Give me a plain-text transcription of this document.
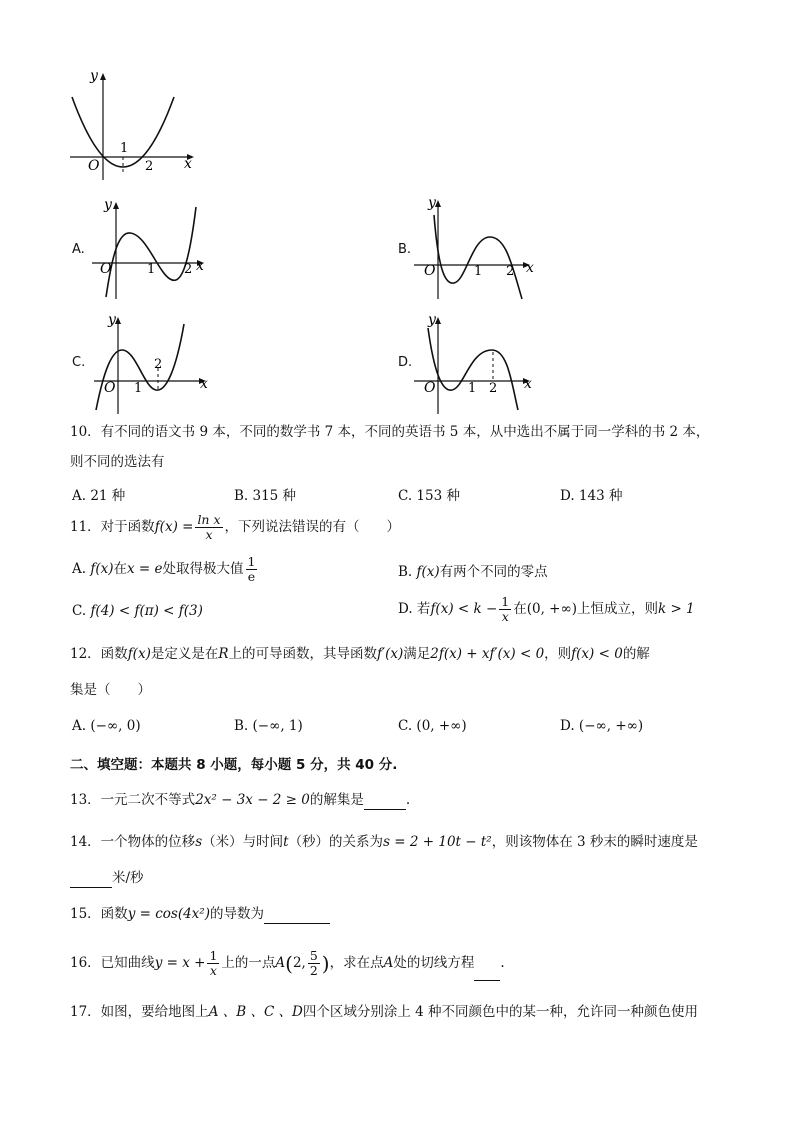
y
x
O
1
2
A.
y
x
O	1 2
B.
y
x
O	1 2
C.
y
x
O 1
2	D.
y
x
O	1 2
10．有不同的语文书 9 本，不同的数学书 7 本，不同的英语书 5 本，从中选出不属于同一学科的书 2 本，
则不同的选法有
A. 21 种	B. 315 种	C. 153 种	D. 143 种
11．对于函数$f(x) = \frac{\text{ln x}}{x}$ ，下列说法错误的有（　　）
A. f(x)在x = e处取得极大值 $\frac{1}{e}$	B. f(x)有两个不同的零点
C. f(4) < f(π) < f(3)	D. 若$f(x) < k - \frac{1}{x}$ 在(0, +∞)上恒成立，则k > 1
12．函数f(x)是定义是在R上的可导函数，其导函数f′(x)满足2f(x) + xf′(x) < 0，则f(x) < 0的解
集是（　　）
A. (−∞, 0)	B. (−∞, 1)	C. (0, +∞)	D. (−∞, +∞)
二、填空题：本题共 8 小题，每小题 5 分，共 40 分.
13．一元二次不等式2x² − 3x − 2 ≥ 0的解集是	.
14．一个物体的位移s（米）与时间t（秒）的关系为s = 2 + 10t − t²，则该物体在 3 秒末的瞬时速度是
米/秒
15．函数y = cos(4x²)的导数为
16．已知曲线$y = x + \frac{1}{x}$ 上的一点A(2, $\frac{5}{2}$ )，求在点A处的切线方程 .
17．如图，要给地图上A 、B 、C 、D四个区域分别涂上 4 种不同颜色中的某一种，允许同一种颜色使用
